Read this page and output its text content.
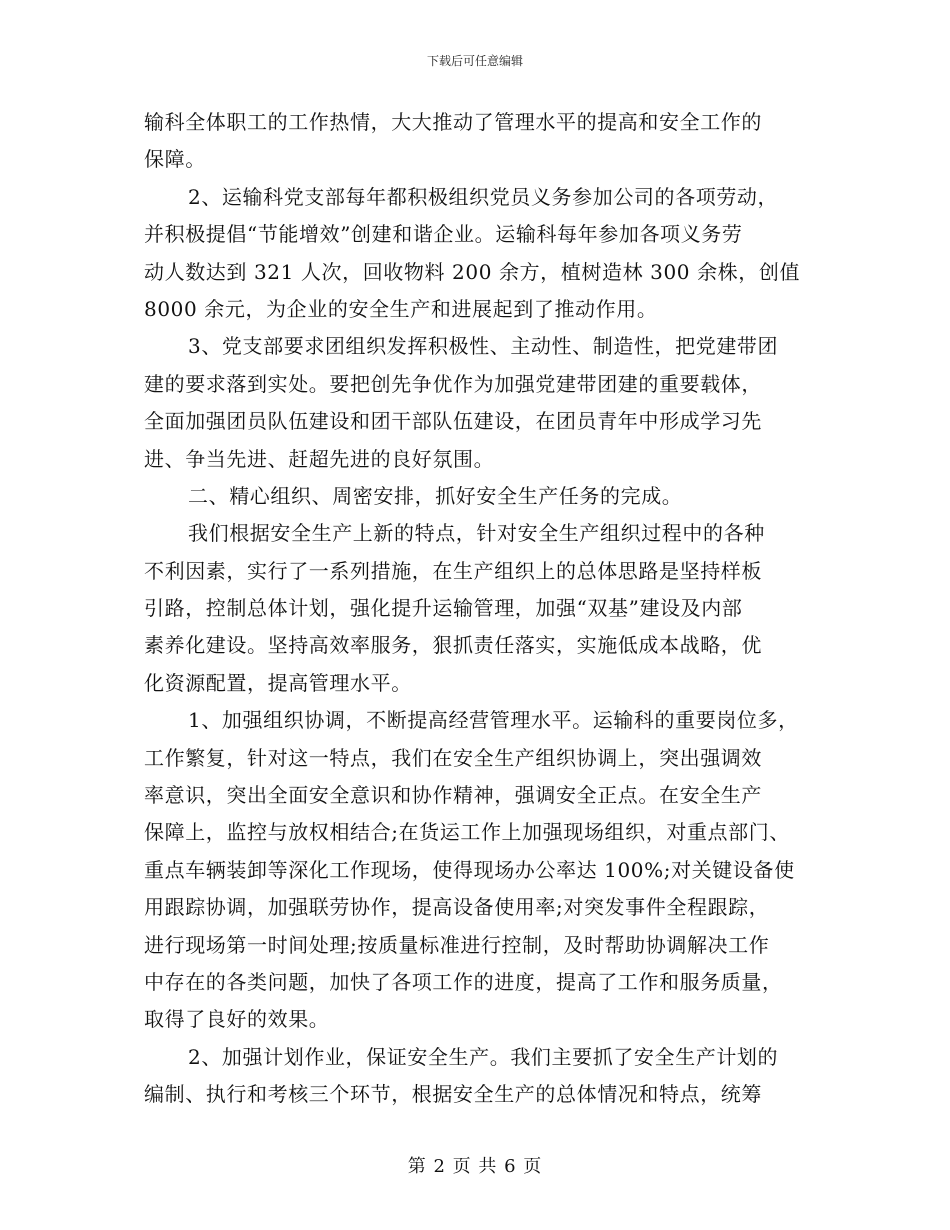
下载后可任意编辑
输科全体职工的工作热情，大大推动了管理水平的提高和安全工作的
保障。
2、运输科党支部每年都积极组织党员义务参加公司的各项劳动，
并积极提倡“节能增效”创建和谐企业。运输科每年参加各项义务劳
动人数达到 321 人次，回收物料 200 余方，植树造林 300 余株，创值
8000 余元，为企业的安全生产和进展起到了推动作用。
3、党支部要求团组织发挥积极性、主动性、制造性，把党建带团
建的要求落到实处。要把创先争优作为加强党建带团建的重要载体，
全面加强团员队伍建设和团干部队伍建设，在团员青年中形成学习先
进、争当先进、赶超先进的良好氛围。
二、精心组织、周密安排，抓好安全生产任务的完成。
我们根据安全生产上新的特点，针对安全生产组织过程中的各种
不利因素，实行了一系列措施，在生产组织上的总体思路是坚持样板
引路，控制总体计划，强化提升运输管理，加强“双基”建设及内部
素养化建设。坚持高效率服务，狠抓责任落实，实施低成本战略，优
化资源配置，提高管理水平。
1、加强组织协调，不断提高经营管理水平。运输科的重要岗位多，
工作繁复，针对这一特点，我们在安全生产组织协调上，突出强调效
率意识，突出全面安全意识和协作精神，强调安全正点。在安全生产
保障上，监控与放权相结合;在货运工作上加强现场组织，对重点部门、
重点车辆装卸等深化工作现场，使得现场办公率达 100%;对关键设备使
用跟踪协调，加强联劳协作，提高设备使用率;对突发事件全程跟踪，
进行现场第一时间处理;按质量标准进行控制，及时帮助协调解决工作
中存在的各类问题，加快了各项工作的进度，提高了工作和服务质量，
取得了良好的效果。
2、加强计划作业，保证安全生产。我们主要抓了安全生产计划的
编制、执行和考核三个环节，根据安全生产的总体情况和特点，统筹
第 2 页 共 6 页
